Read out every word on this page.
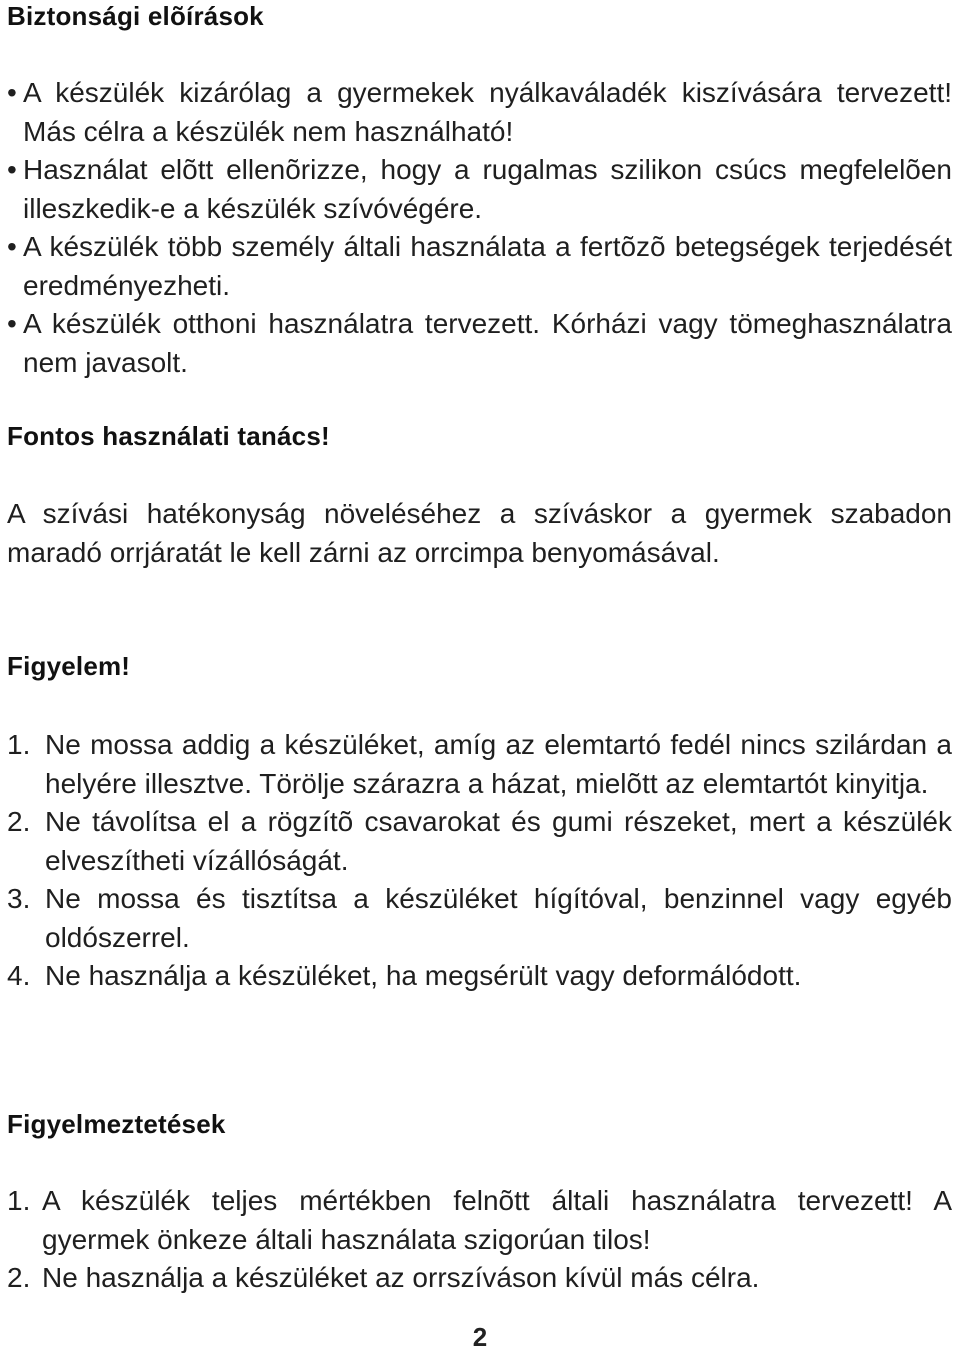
Biztonsági elõírások
• A készülék kizárólag a gyermekek nyálkaváladék kiszívására tervezett! Más célra a készülék nem használható!
• Használat elõtt ellenõrizze, hogy a rugalmas szilikon csúcs megfelelõen illeszkedik-e a készülék szívóvégére.
• A készülék több személy általi használata a fertõzõ betegségek terjedését eredményezheti.
• A készülék otthoni használatra tervezett. Kórházi vagy tömeghasználatra nem javasolt.
Fontos használati tanács!
A szívási hatékonyság növeléséhez a szíváskor a gyermek szabadon maradó orrjáratát le kell zárni az orrcimpa benyomásával.
Figyelem!
1. Ne mossa addig a készüléket, amíg az elemtartó fedél nincs szilárdan a helyére illesztve. Törölje szárazra a házat, mielõtt az elemtartót kinyitja.
2. Ne távolítsa el a rögzítõ csavarokat és gumi részeket, mert a készülék elveszítheti vízállóságát.
3. Ne mossa és tisztítsa a készüléket hígítóval, benzinnel vagy egyéb oldószerrel.
4. Ne használja a készüléket, ha megsérült vagy deformálódott.
Figyelmeztetések
1. A készülék teljes mértékben felnõtt általi használatra tervezett! A gyermek önkeze általi használata szigorúan tilos!
2. Ne használja a készüléket az orrszíváson kívül más célra.
2
